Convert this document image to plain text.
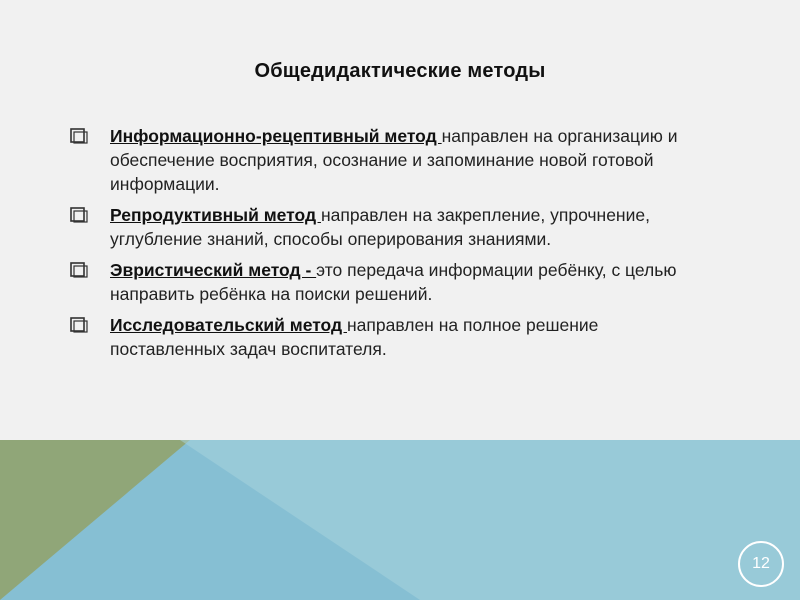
Общедидактические методы
Информационно-рецептивный метод направлен на организацию и обеспечение восприятия, осознание и запоминание новой готовой информации.
Репродуктивный метод направлен на закрепление, упрочнение, углубление знаний, способы оперирования знаниями.
Эвристический метод - это передача информации ребёнку, с целью направить ребёнка на поиски решений.
Исследовательский метод направлен на полное решение поставленных задач воспитателя.
12
